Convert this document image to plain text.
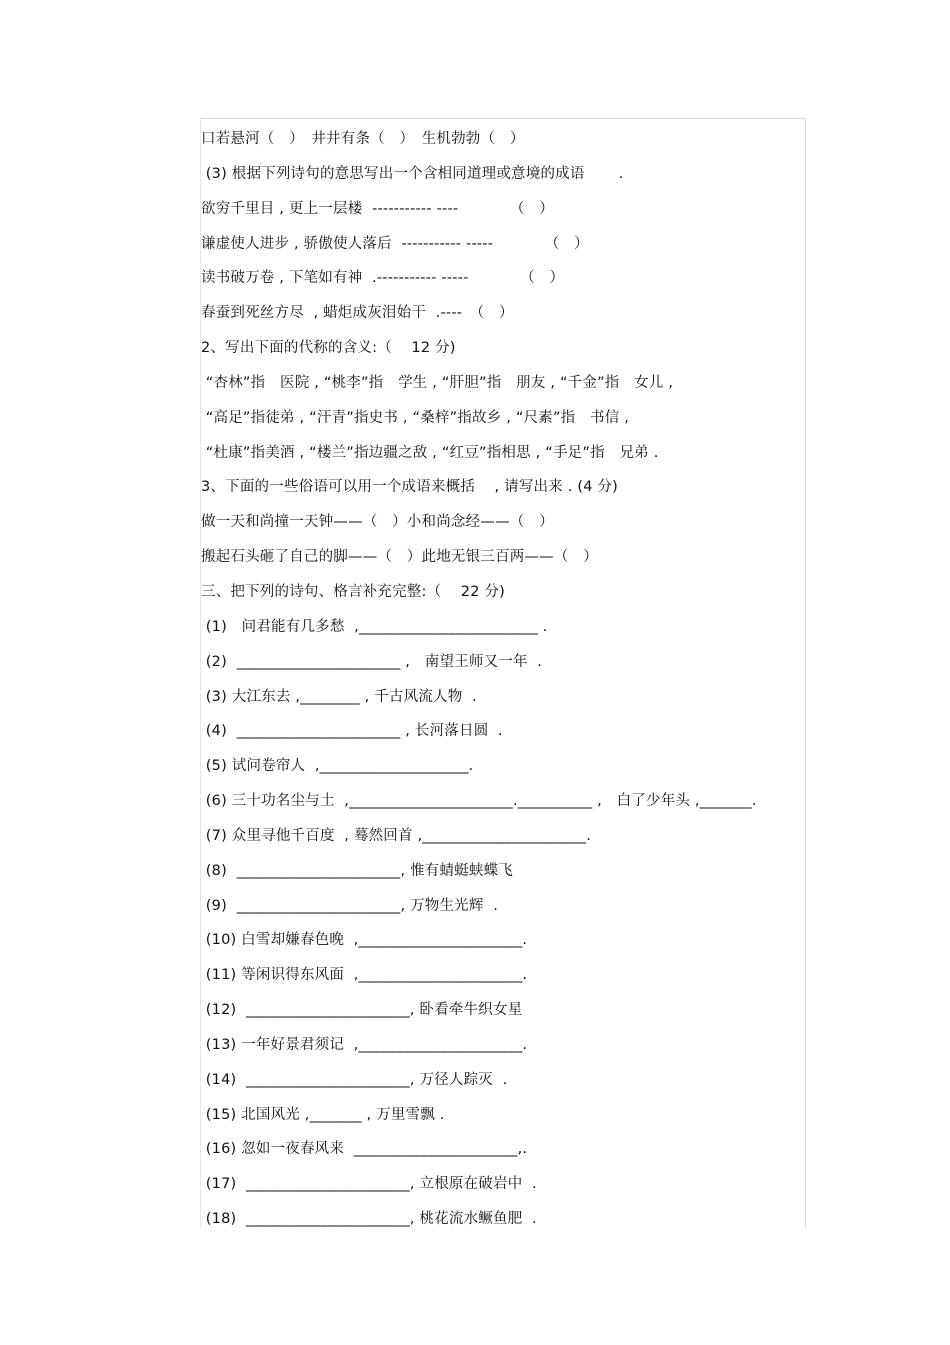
口若悬河（　）　井井有条（　）　生机勃勃（　）
(3) 根据下列诗句的意思写出一个含相同道理或意境的成语　　 .
欲穷千里目 , 更上一层楼  ----------- ----　　　　（　）
谦虚使人进步 , 骄傲使人落后  ----------- -----　　　　（　）
读书破万卷 , 下笔如有神  .----------- -----　　　　（　）
春蚕到死丝方尽  , 蜡炬成灰泪始干  .----　（　）
2、写出下面的代称的含义:（　 12 分)
“杏林”指　医院 , “桃李”指　学生 , “肝胆”指　朋友 , “千金”指　女儿 ,
“高足”指徒弟 , “汗青”指史书 , “桑梓”指故乡 , “尺素”指　书信 ,
“杜康”指美酒 , “楼兰”指边疆之敌 , “红豆”指相思 , “手足”指　兄弟 .
3、下面的一些俗语可以用一个成语来概括　 , 请写出来 . (4 分)
做一天和尚撞一天钟——（　）小和尚念经——（　）
搬起石头砸了自己的脚——（　）此地无银三百两——（　）
三、把下列的诗句、格言补充完整:（　 22 分)
(1)　问君能有几多愁  ,________________________ .
(2)  ______________________ ,　南望王师又一年  .
(3) 大江东去 ,________ , 千古风流人物  .
(4)  ______________________ , 长河落日圆  .
(5) 试问卷帘人  ,____________________.
(6) 三十功名尘与土  ,______________________.__________ ,　白了少年头 ,_______.
(7) 众里寻他千百度  , 蓦然回首 ,______________________.
(8)  ______________________, 惟有蜻蜓蛱蝶飞
(9)  ______________________, 万物生光辉  .
(10) 白雪却嫌春色晚  ,______________________.
(11) 等闲识得东风面  ,______________________.
(12)  ______________________, 卧看牵牛织女星
(13) 一年好景君须记  ,______________________.
(14)  ______________________, 万径人踪灭  .
(15) 北国风光 ,_______ , 万里雪飘 .
(16) 忽如一夜春风来  ______________________,.
(17)  ______________________, 立根原在破岩中  .
(18)  ______________________, 桃花流水鳜鱼肥  .
